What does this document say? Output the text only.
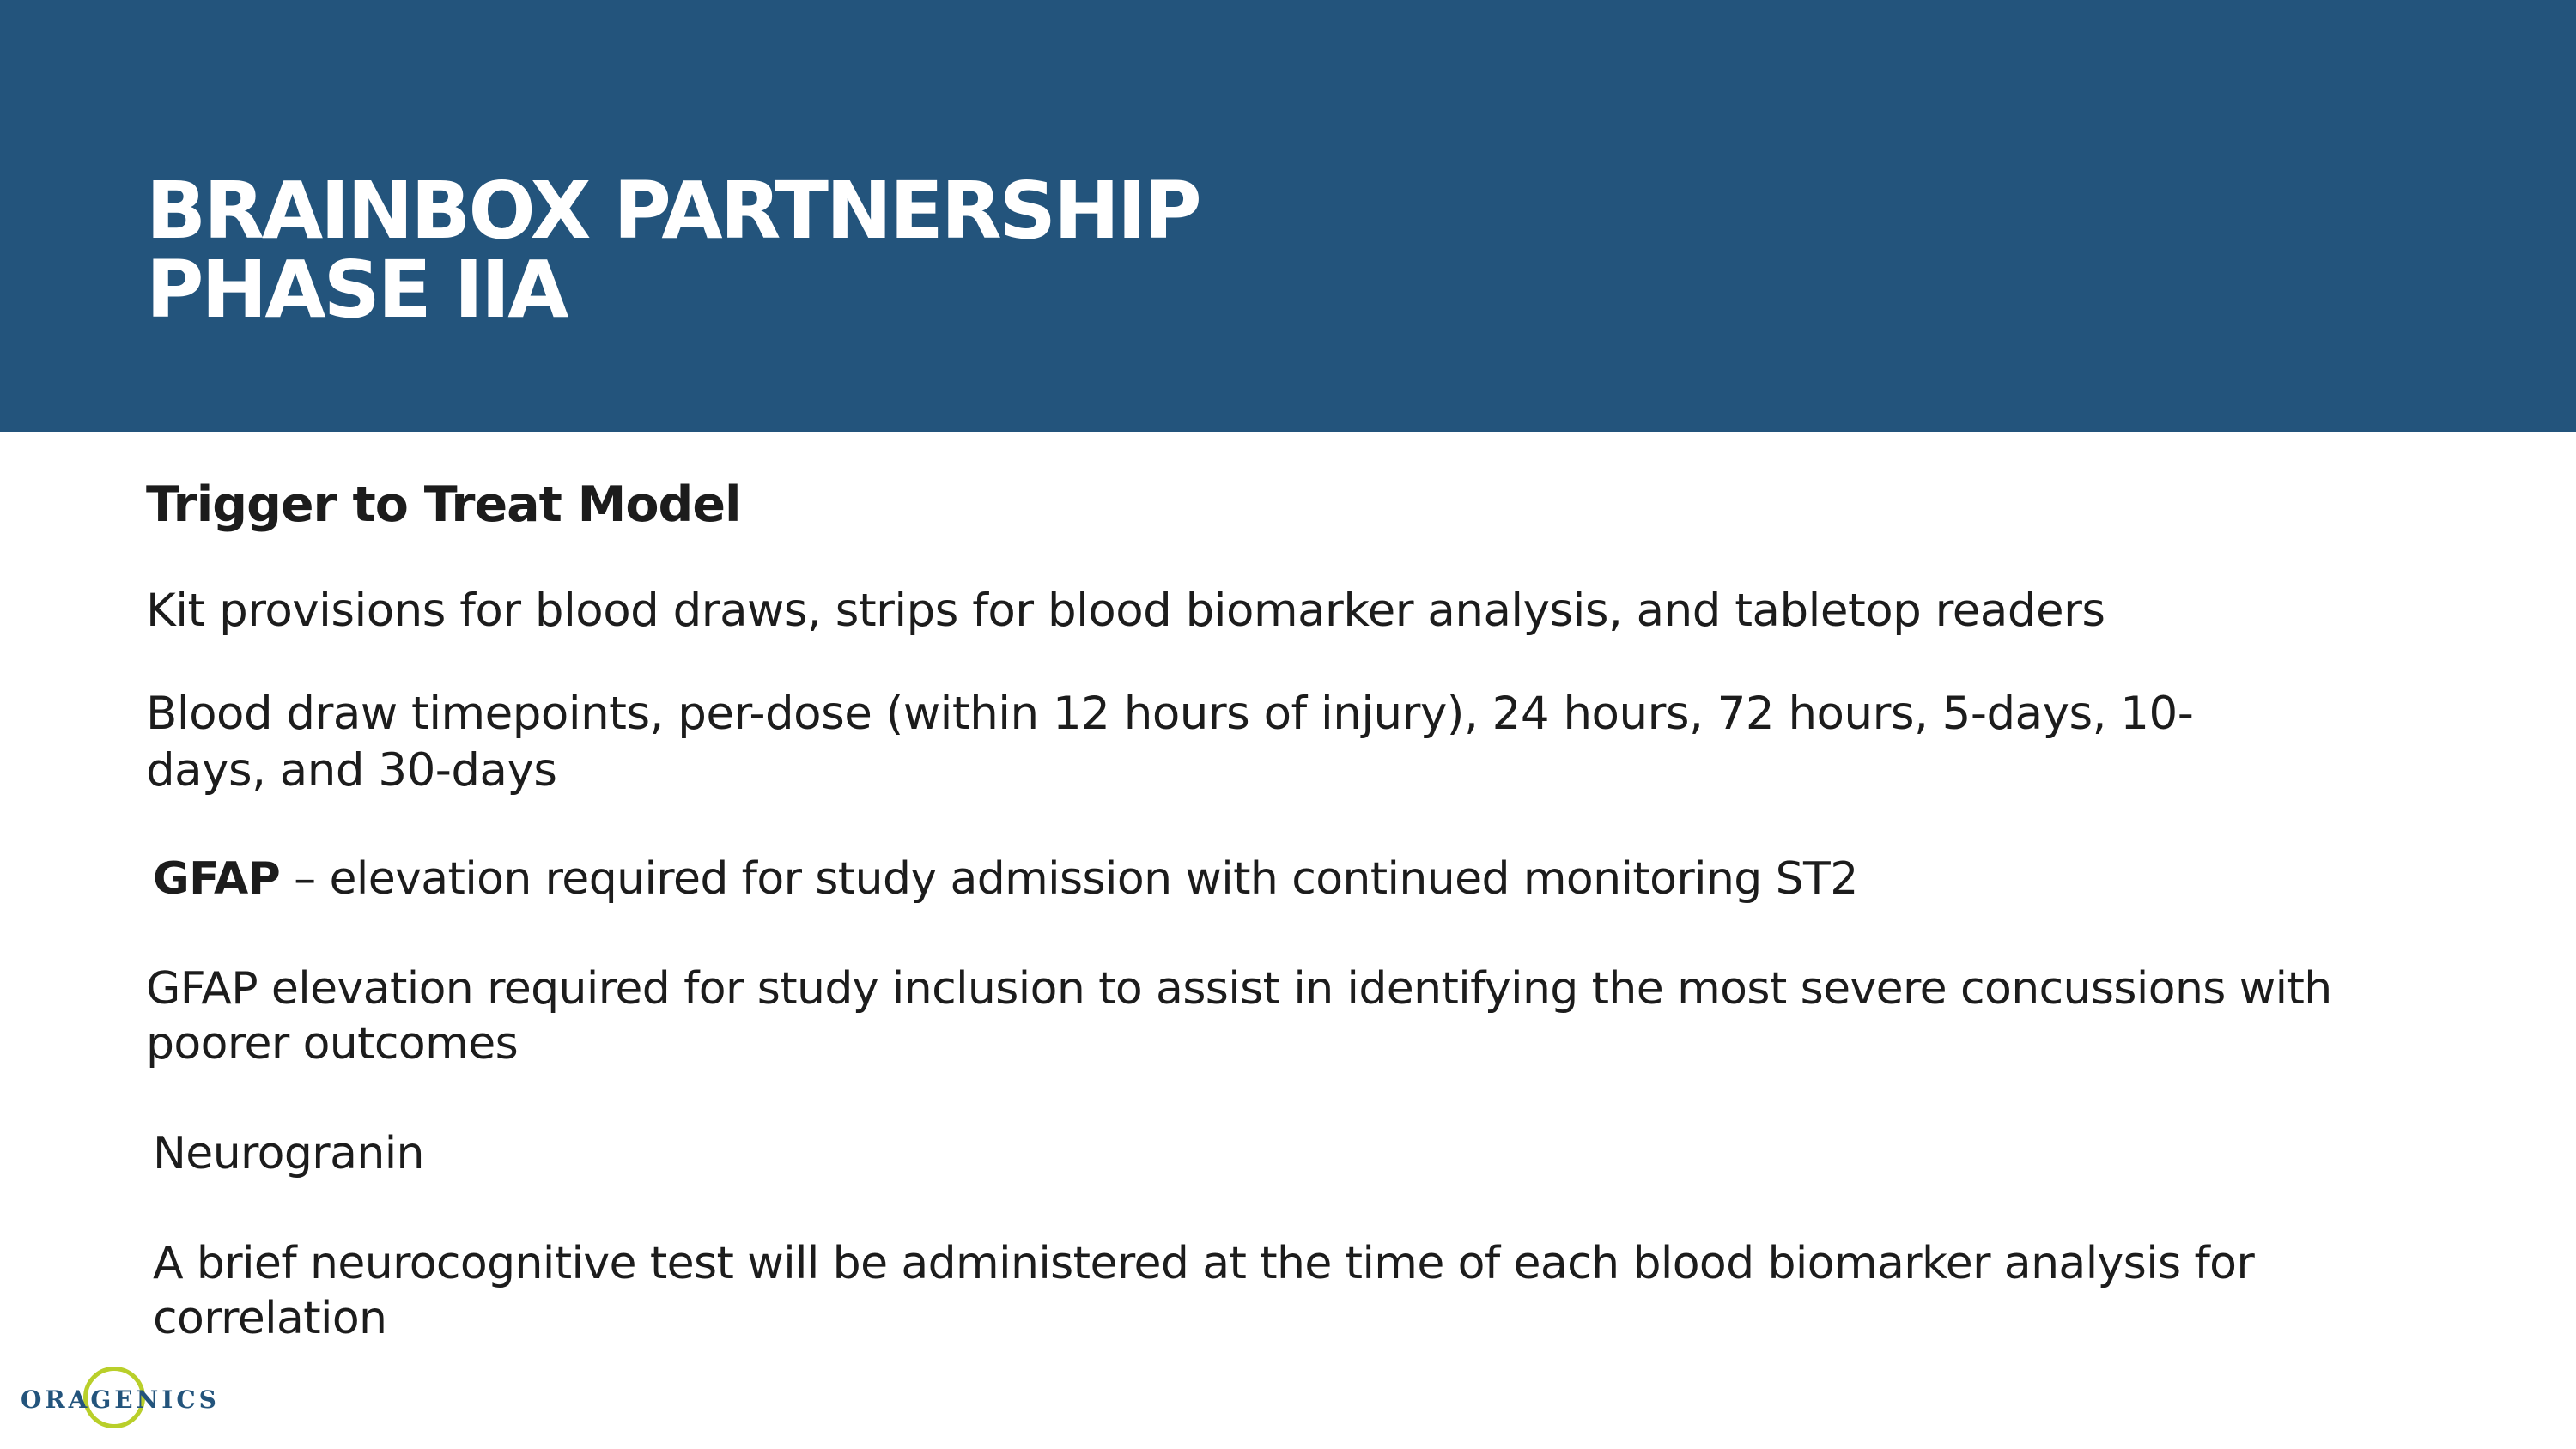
BRAINBOX PARTNERSHIP
PHASE IIA

Trigger to Treat Model

Kit provisions for blood draws, strips for blood biomarker analysis, and tabletop readers

Blood draw timepoints, per-dose (within 12 hours of injury), 24 hours, 72 hours, 5-days, 10-

days, and 30-days

GFAP – elevation required for study admission with continued monitoring ST2

GFAP elevation required for study inclusion to assist in identifying the most severe concussions with

poorer outcomes

Neurogranin

A brief neurocognitive test will be administered at the time of each blood biomarker analysis for

correlation

ORAGENICS
